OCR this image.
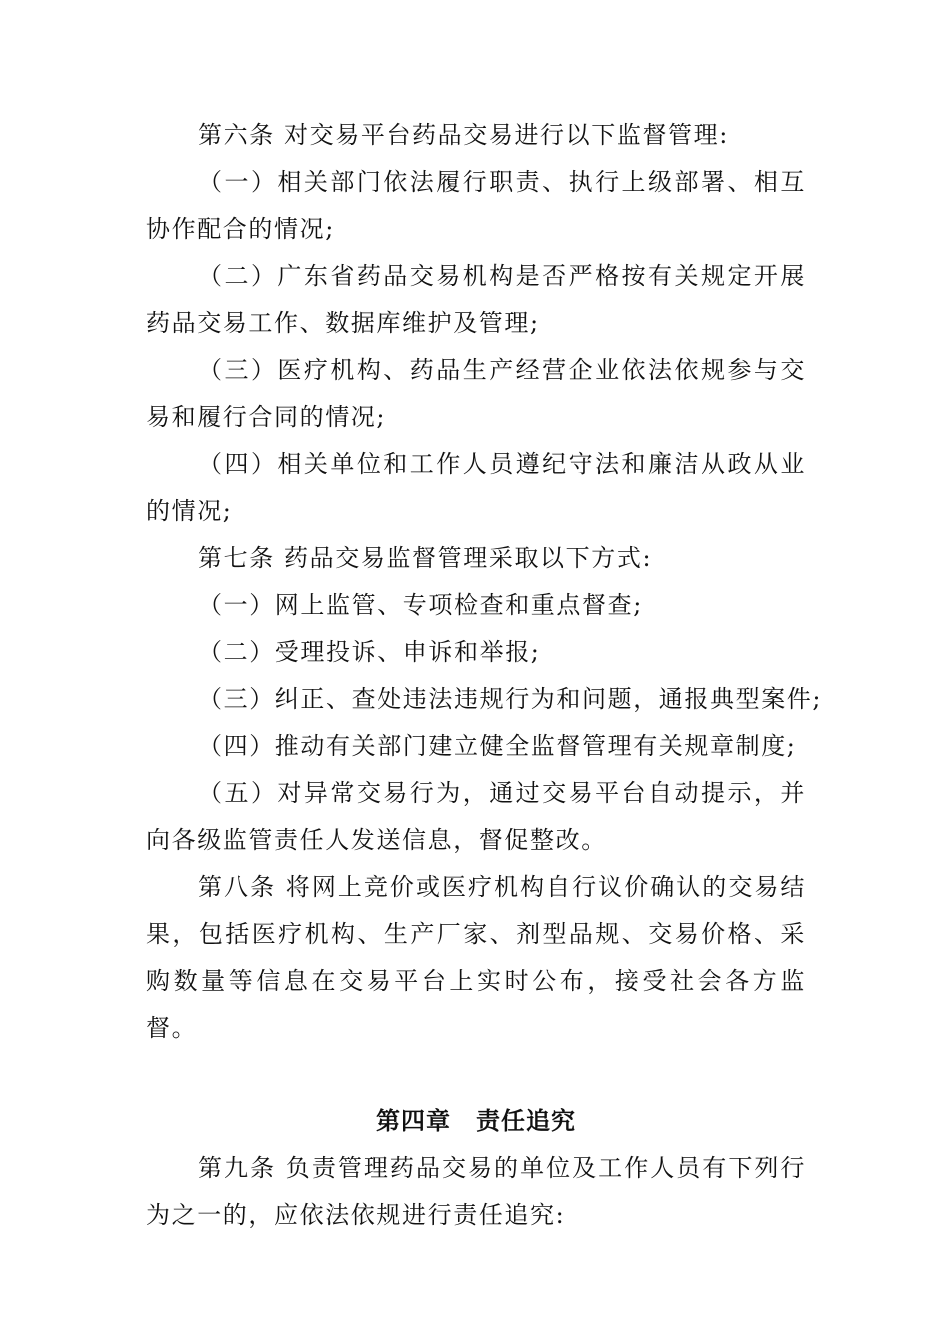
第六条 对交易平台药品交易进行以下监督管理:

（一）相关部门依法履行职责、执行上级部署、相互协作配合的情况;

（二）广东省药品交易机构是否严格按有关规定开展药品交易工作、数据库维护及管理;

（三）医疗机构、药品生产经营企业依法依规参与交易和履行合同的情况;

（四）相关单位和工作人员遵纪守法和廉洁从政从业的情况;

第七条 药品交易监督管理采取以下方式:

（一）网上监管、专项检查和重点督查;

（二）受理投诉、申诉和举报;

（三）纠正、查处违法违规行为和问题，通报典型案件;

（四）推动有关部门建立健全监督管理有关规章制度;

（五）对异常交易行为，通过交易平台自动提示，并向各级监管责任人发送信息，督促整改。

第八条 将网上竞价或医疗机构自行议价确认的交易结果，包括医疗机构、生产厂家、剂型品规、交易价格、采购数量等信息在交易平台上实时公布，接受社会各方监督。

第四章　责任追究

第九条 负责管理药品交易的单位及工作人员有下列行为之一的，应依法依规进行责任追究:
